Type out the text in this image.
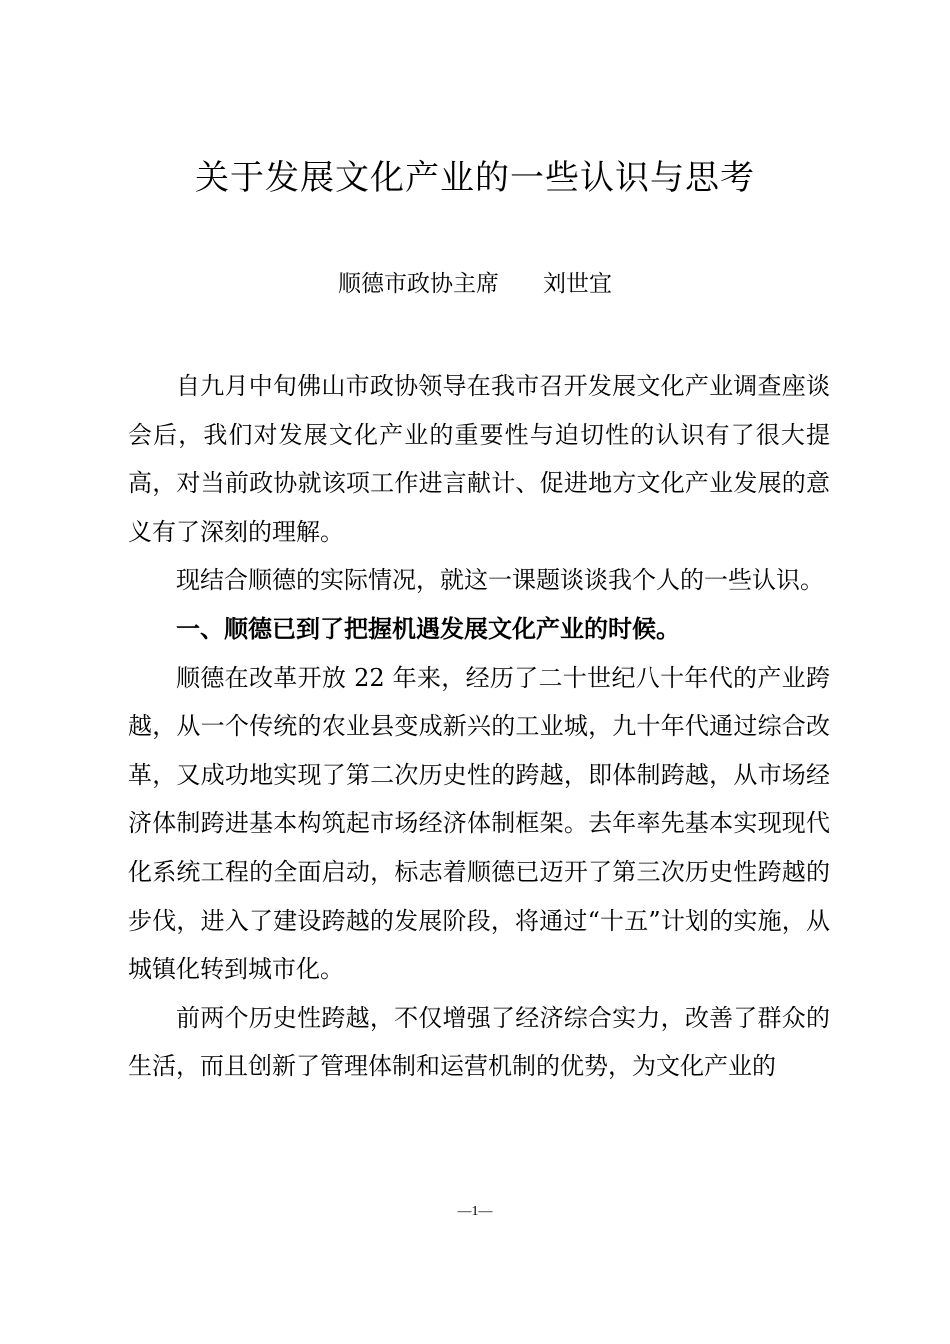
关于发展文化产业的一些认识与思考
顺德市政协主席 刘世宜

自九月中旬佛山市政协领导在我市召开发展文化产业调查座谈会后，我们对发展文化产业的重要性与迫切性的认识有了很大提高，对当前政协就该项工作进言献计、促进地方文化产业发展的意义有了深刻的理解。

现结合顺德的实际情况，就这一课题谈谈我个人的一些认识。

一、顺德已到了把握机遇发展文化产业的时候。

顺德在改革开放 22 年来，经历了二十世纪八十年代的产业跨越，从一个传统的农业县变成新兴的工业城，九十年代通过综合改革，又成功地实现了第二次历史性的跨越，即体制跨越，从市场经济体制跨进基本构筑起市场经济体制框架。去年率先基本实现现代化系统工程的全面启动，标志着顺德已迈开了第三次历史性跨越的步伐，进入了建设跨越的发展阶段，将通过“十五”计划的实施，从城镇化转到城市化。

前两个历史性跨越，不仅增强了经济综合实力，改善了群众的生活，而且创新了管理体制和运营机制的优势，为文化产业的

—1—
